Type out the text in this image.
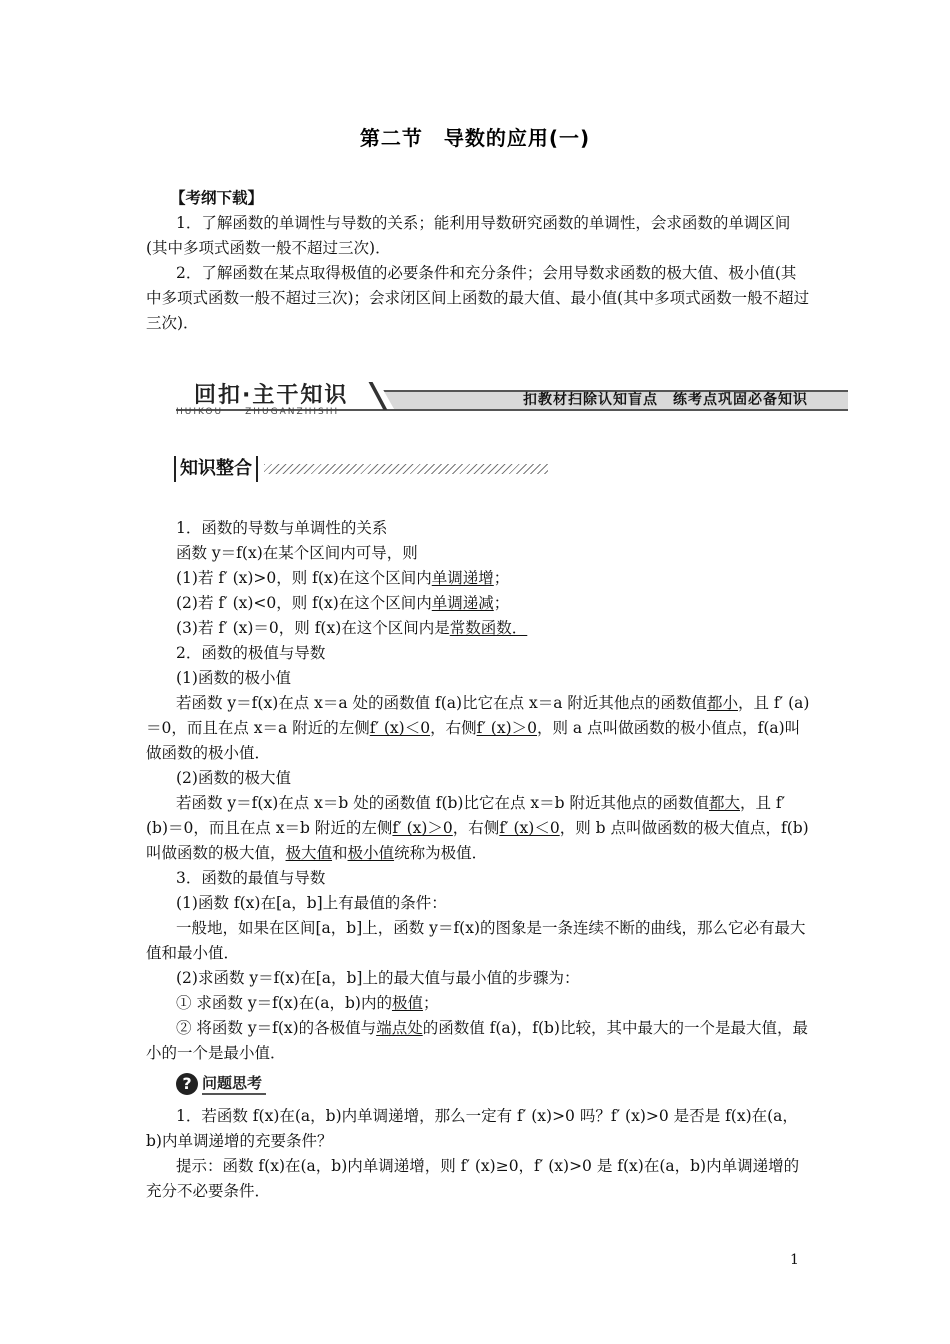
第二节　导数的应用(一)

【考纲下载】

1．了解函数的单调性与导数的关系；能利用导数研究函数的单调性，会求函数的单调区间(其中多项式函数一般不超过三次)．

2．了解函数在某点取得极值的必要条件和充分条件；会用导数求函数的极大值、极小值(其中多项式函数一般不超过三次)；会求闭区间上函数的最大值、最小值(其中多项式函数一般不超过三次)．

回扣·主干知识
HUIKOU　　ZHUGANZHISHI
扣教材扫除认知盲点　练考点巩固必备知识
知识整合

1．函数的导数与单调性的关系

函数 y＝f(x)在某个区间内可导，则

(1)若 f′ (x)>0，则 f(x)在这个区间内单调递增；

(2)若 f′ (x)<0，则 f(x)在这个区间内单调递减；

(3)若 f′ (x)＝0，则 f(x)在这个区间内是常数函数．

2．函数的极值与导数

(1)函数的极小值

若函数 y＝f(x)在点 x＝a 处的函数值 f(a)比它在点 x＝a 附近其他点的函数值都小，且 f′ (a)＝0，而且在点 x＝a 附近的左侧f′ (x)＜0，右侧f′ (x)＞0，则 a 点叫做函数的极小值点，f(a)叫做函数的极小值．

(2)函数的极大值

若函数 y＝f(x)在点 x＝b 处的函数值 f(b)比它在点 x＝b 附近其他点的函数值都大，且 f′ (b)＝0，而且在点 x＝b 附近的左侧f′ (x)＞0，右侧f′ (x)＜0，则 b 点叫做函数的极大值点，f(b)叫做函数的极大值，极大值和极小值统称为极值．

3．函数的最值与导数

(1)函数 f(x)在[a，b]上有最值的条件：

一般地，如果在区间[a，b]上，函数 y＝f(x)的图象是一条连续不断的曲线，那么它必有最大值和最小值．

(2)求函数 y＝f(x)在[a，b]上的最大值与最小值的步骤为：

① 求函数 y＝f(x)在(a，b)内的极值；

② 将函数 y＝f(x)的各极值与端点处的函数值 f(a)，f(b)比较，其中最大的一个是最大值，最小的一个是最小值．

? 问题思考

1．若函数 f(x)在(a，b)内单调递增，那么一定有 f′ (x)>0 吗？f′ (x)>0 是否是 f(x)在(a，b)内单调递增的充要条件？

提示：函数 f(x)在(a，b)内单调递增，则 f′ (x)≥0，f′ (x)>0 是 f(x)在(a，b)内单调递增的充分不必要条件．

1
